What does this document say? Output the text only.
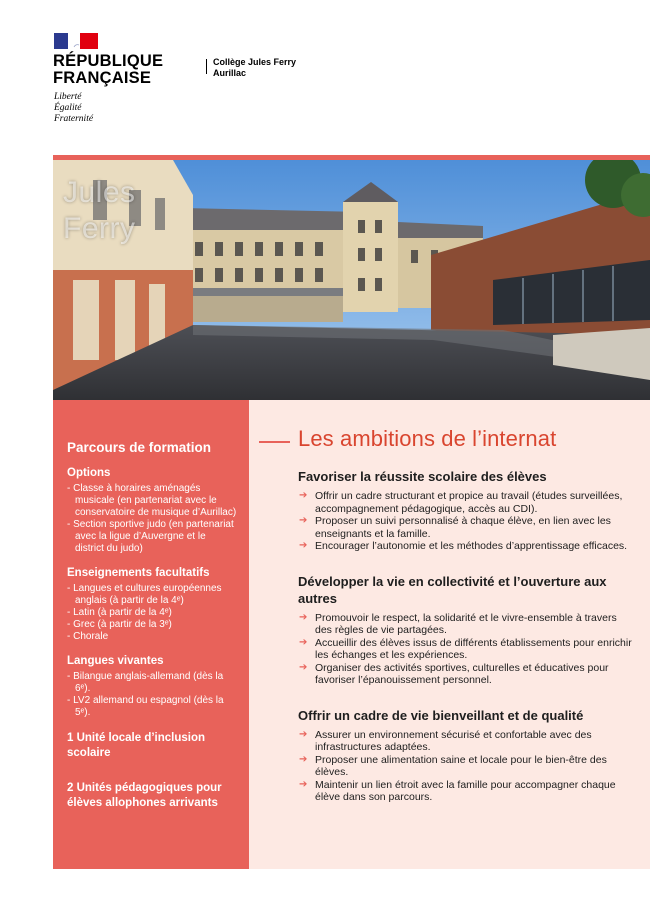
RÉPUBLIQUE
FRANÇAISE
Liberté
Égalité
Fraternité
Collège Jules Ferry
Aurillac
Jules
Ferry
Parcours de formation
Options
- Classe à horaires aménagés musicale (en partenariat avec le conservatoire de musique d’Aurillac)
- Section sportive judo (en partenariat avec la ligue d’Auvergne et le district du judo)
Enseignements facultatifs
- Langues et cultures européennes anglais (à partir de la 4ᵉ)
- Latin (à partir de la 4ᵉ)
- Grec (à partir de la 3ᵉ)
- Chorale
Langues vivantes
- Bilangue anglais-allemand (dès la 6ᵉ).
- LV2 allemand ou espagnol (dès la 5ᵉ).
1 Unité locale d’inclusion scolaire
2 Unités pédagogiques pour élèves allophones arrivants
Les ambitions de l’internat
Favoriser la réussite scolaire des élèves
➔ Offrir un cadre structurant et propice au travail (études surveillées, accompagnement pédagogique, accès au CDI).
➔ Proposer un suivi personnalisé à chaque élève, en lien avec les enseignants et la famille.
➔ Encourager l’autonomie et les méthodes d’apprentissage efficaces.
Développer la vie en collectivité et l’ouverture aux autres
➔ Promouvoir le respect, la solidarité et le vivre-ensemble à travers des règles de vie partagées.
➔ Accueillir des élèves issus de différents établissements pour enrichir les échanges et les expériences.
➔ Organiser des activités sportives, culturelles et éducatives pour favoriser l’épanouissement personnel.
Offrir un cadre de vie bienveillant et de qualité
➔ Assurer un environnement sécurisé et confortable avec des infrastructures adaptées.
➔ Proposer une alimentation saine et locale pour le bien-être des élèves.
➔ Maintenir un lien étroit avec la famille pour accompagner chaque élève dans son parcours.
